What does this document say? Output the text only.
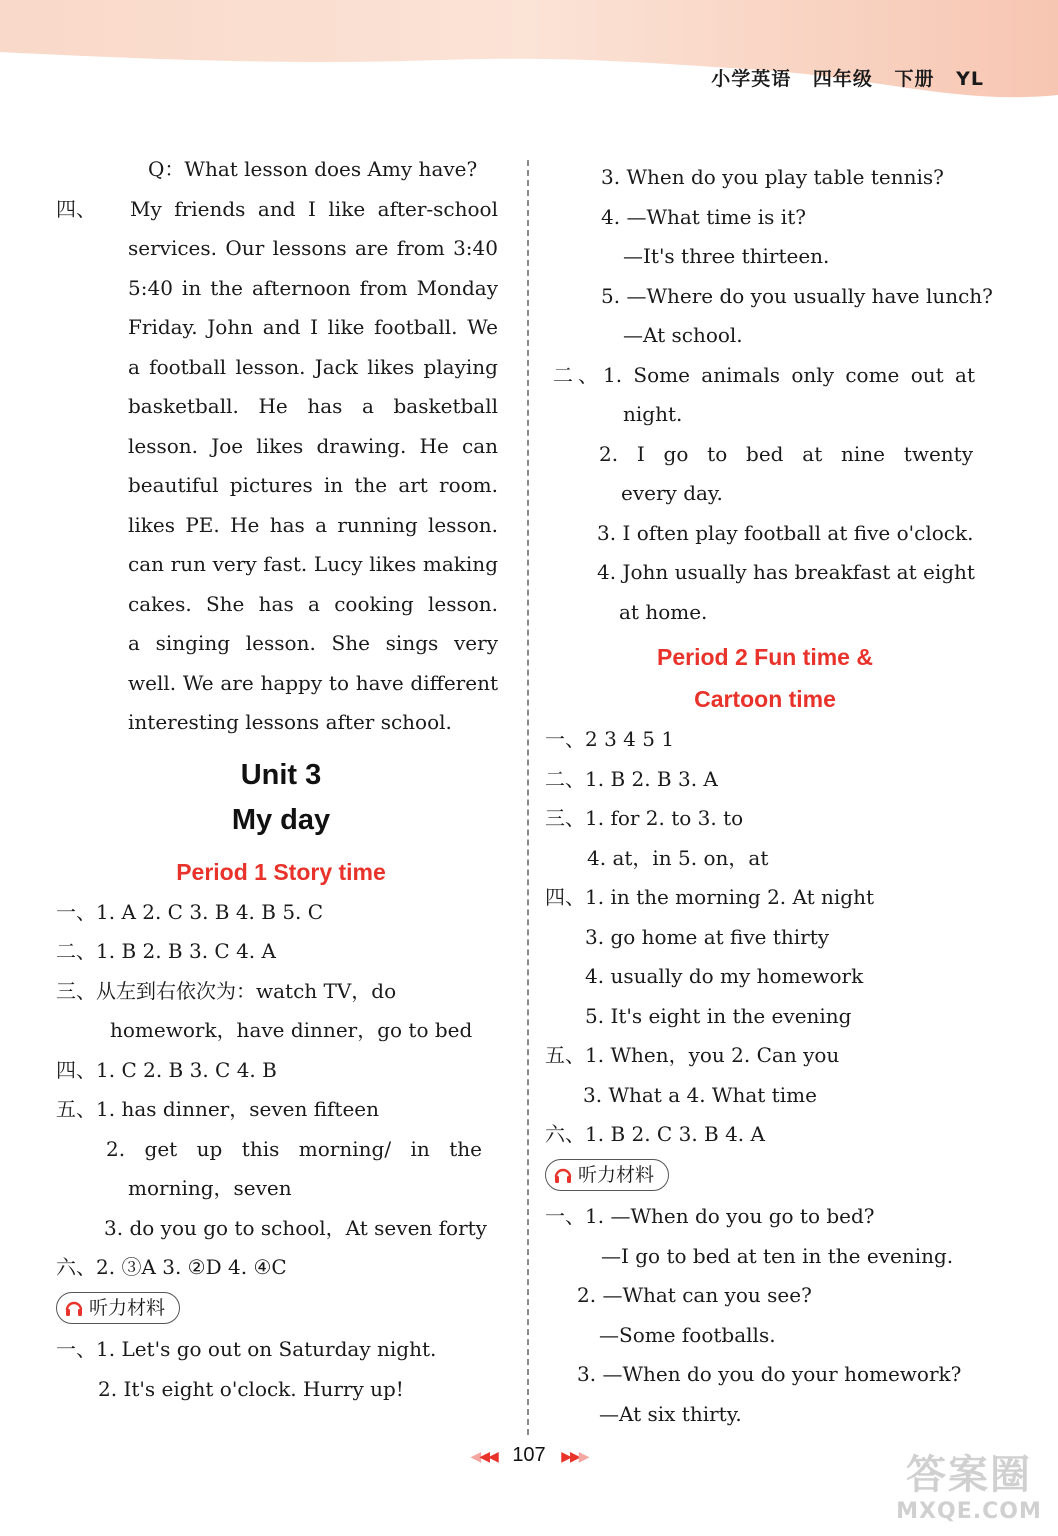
小学英语 四年级 下册 YL
Q：What lesson does Amy have?
四、	My friends and I like after-school
services. Our lessons are from 3:40
5:40 in the afternoon from Monday
Friday. John and I like football. We
a football lesson. Jack likes playing
basketball. He has a basketball
lesson. Joe likes drawing. He can
beautiful pictures in the art room.
likes PE. He has a running lesson.
can run very fast. Lucy likes making
cakes. She has a cooking lesson.
a singing lesson. She sings very
well. We are happy to have different
interesting lessons after school.
Unit 3
My day
Period 1 Story time
一、1. A 2. C 3. B 4. B 5. C
二、1. B 2. B 3. C 4. A
三、从左到右依次为：watch TV，do
homework，have dinner，go to bed
四、1. C 2. B 3. C 4. B
五、1. has dinner，seven fifteen
2. get up this morning/ in the
morning，seven
3. do you go to school，At seven forty
六、2. ③A 3. ②D 4. ④C
听力材料
一、1. Let's go out on Saturday night.
2. It's eight o'clock. Hurry up!
3. When do you play table tennis?
4. —What time is it?
—It's three thirteen.
5. —Where do you usually have lunch?
—At school.
二、1. Some animals only come out at
night.
2. I go to bed at nine twenty
every day.
3. I often play football at five o'clock.
4. John usually has breakfast at eight
at home.
Period 2 Fun time &
Cartoon time
一、2 3 4 5 1
二、1. B 2. B 3. A
三、1. for 2. to 3. to
4. at，in 5. on，at
四、1. in the morning 2. At night
3. go home at five thirty
4. usually do my homework
5. It's eight in the evening
五、1. When，you 2. Can you
3. What a 4. What time
六、1. B 2. C 3. B 4. A
听力材料
一、1. —When do you go to bed?
—I go to bed at ten in the evening.
2. —What can you see?
—Some footballs.
3. —When do you do your homework?
—At six thirty.
◀◀◀ 107 ▶▶▶	答案圈
MXQE.COM
